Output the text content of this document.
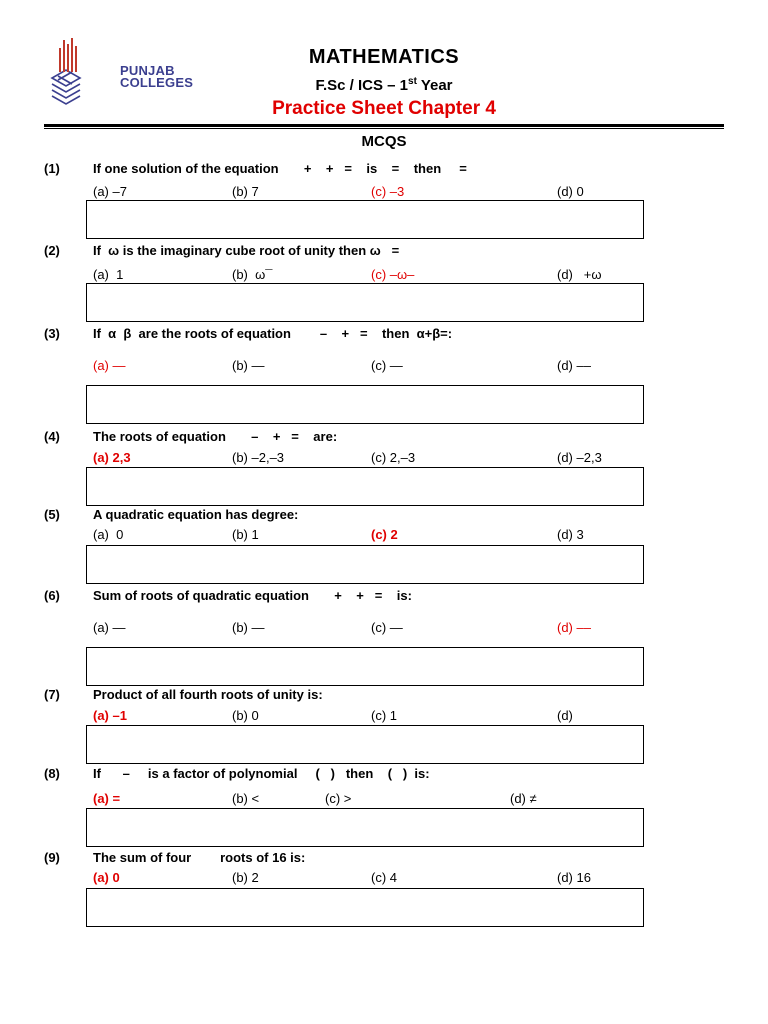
PUNJAB
COLLEGES
MATHEMATICS
F.Sc / ICS – 1st Year
Practice Sheet Chapter 4
MCQS
(1)	If one solution of the equation       +    +   =    is    =    then     =
(a) –7	(b) 7	(c) –3	(d) 0
(2)	If  ω is the imaginary cube root of unity then ω   =
(a)  1	(b)  ω¯	(c) –ω–	(d)   +ω
(3)	If  α  β  are the roots of equation        –    +   =    then  α+β=:
(a) —	(b) —	(c) —	(d) ––
(4)	The roots of equation       –    +   =    are:
(a) 2,3	(b) –2,–3	(c) 2,–3	(d) –2,3
(5)	A quadratic equation has degree:
(a)  0	(b) 1	(c) 2	(d) 3
(6)	Sum of roots of quadratic equation       +    +   =    is:
(a) —	(b) —	(c) —	(d) ––
(7)	Product of all fourth roots of unity is:
(a) –1	(b) 0	(c) 1	(d)
(8)	If      –     is a factor of polynomial     (   )   then    (   )  is:
(a) =	(b) <	(c) >	(d) ≠
(9)	The sum of four        roots of 16 is:
(a) 0	(b) 2	(c) 4	(d) 16
